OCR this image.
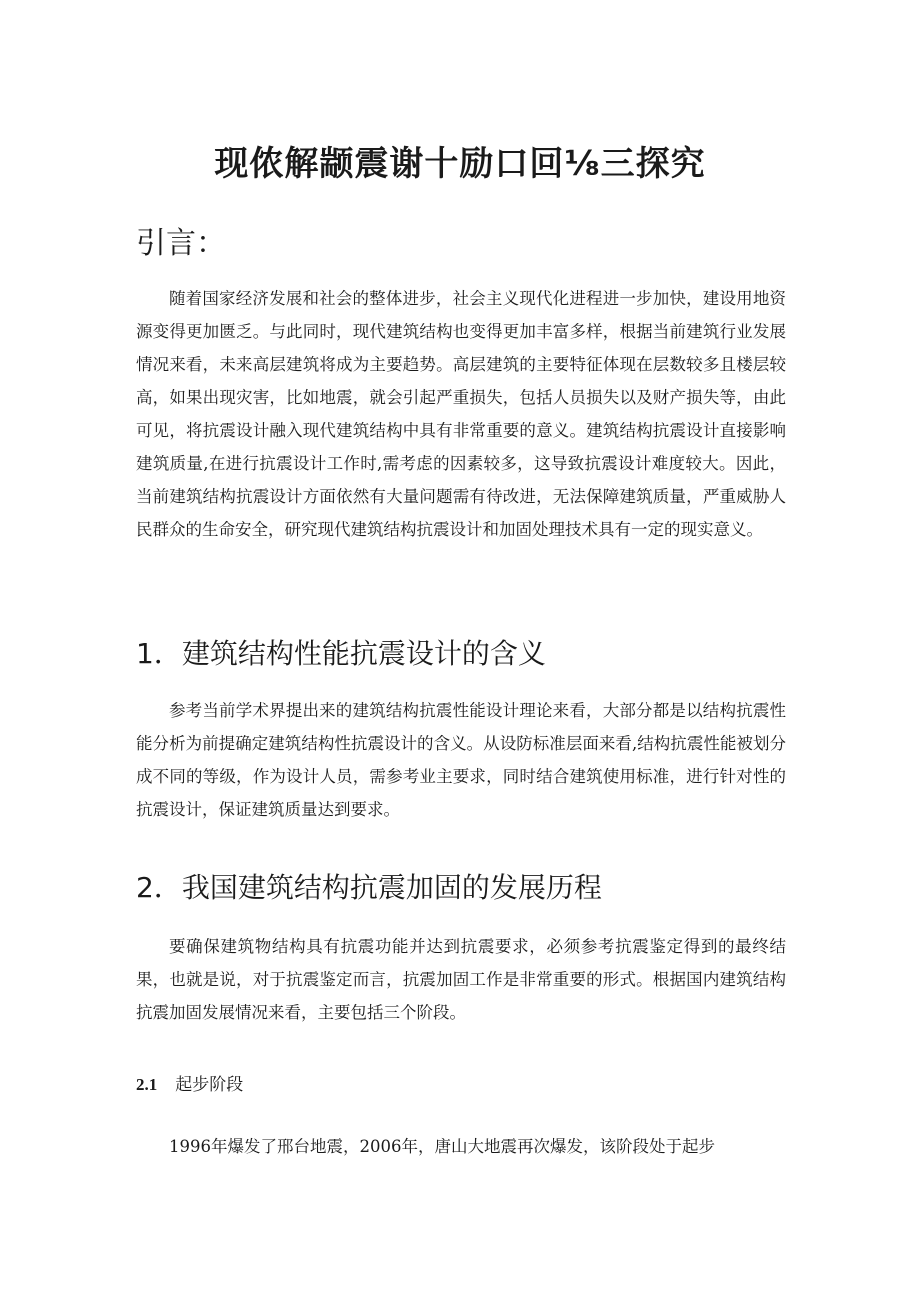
现侬解颛震谢十励口回⅛三探究
引言：

随着国家经济发展和社会的整体进步，社会主义现代化进程进一步加快，建设用地资源变得更加匮乏。与此同时，现代建筑结构也变得更加丰富多样，根据当前建筑行业发展情况来看，未来高层建筑将成为主要趋势。高层建筑的主要特征体现在层数较多且楼层较高，如果出现灾害，比如地震，就会引起严重损失，包括人员损失以及财产损失等，由此可见，将抗震设计融入现代建筑结构中具有非常重要的意义。建筑结构抗震设计直接影响建筑质量,在进行抗震设计工作时,需考虑的因素较多，这导致抗震设计难度较大。因此，当前建筑结构抗震设计方面依然有大量问题需有待改进，无法保障建筑质量，严重威胁人民群众的生命安全，研究现代建筑结构抗震设计和加固处理技术具有一定的现实意义。

1．建筑结构性能抗震设计的含义

参考当前学术界提出来的建筑结构抗震性能设计理论来看，大部分都是以结构抗震性能分析为前提确定建筑结构性抗震设计的含义。从设防标准层面来看,结构抗震性能被划分成不同的等级，作为设计人员，需参考业主要求，同时结合建筑使用标准，进行针对性的抗震设计，保证建筑质量达到要求。

2．我国建筑结构抗震加固的发展历程

要确保建筑物结构具有抗震功能并达到抗震要求，必须参考抗震鉴定得到的最终结果，也就是说，对于抗震鉴定而言，抗震加固工作是非常重要的形式。根据国内建筑结构抗震加固发展情况来看，主要包括三个阶段。

2.1 起步阶段

1996年爆发了邢台地震，2006年，唐山大地震再次爆发，该阶段处于起步
